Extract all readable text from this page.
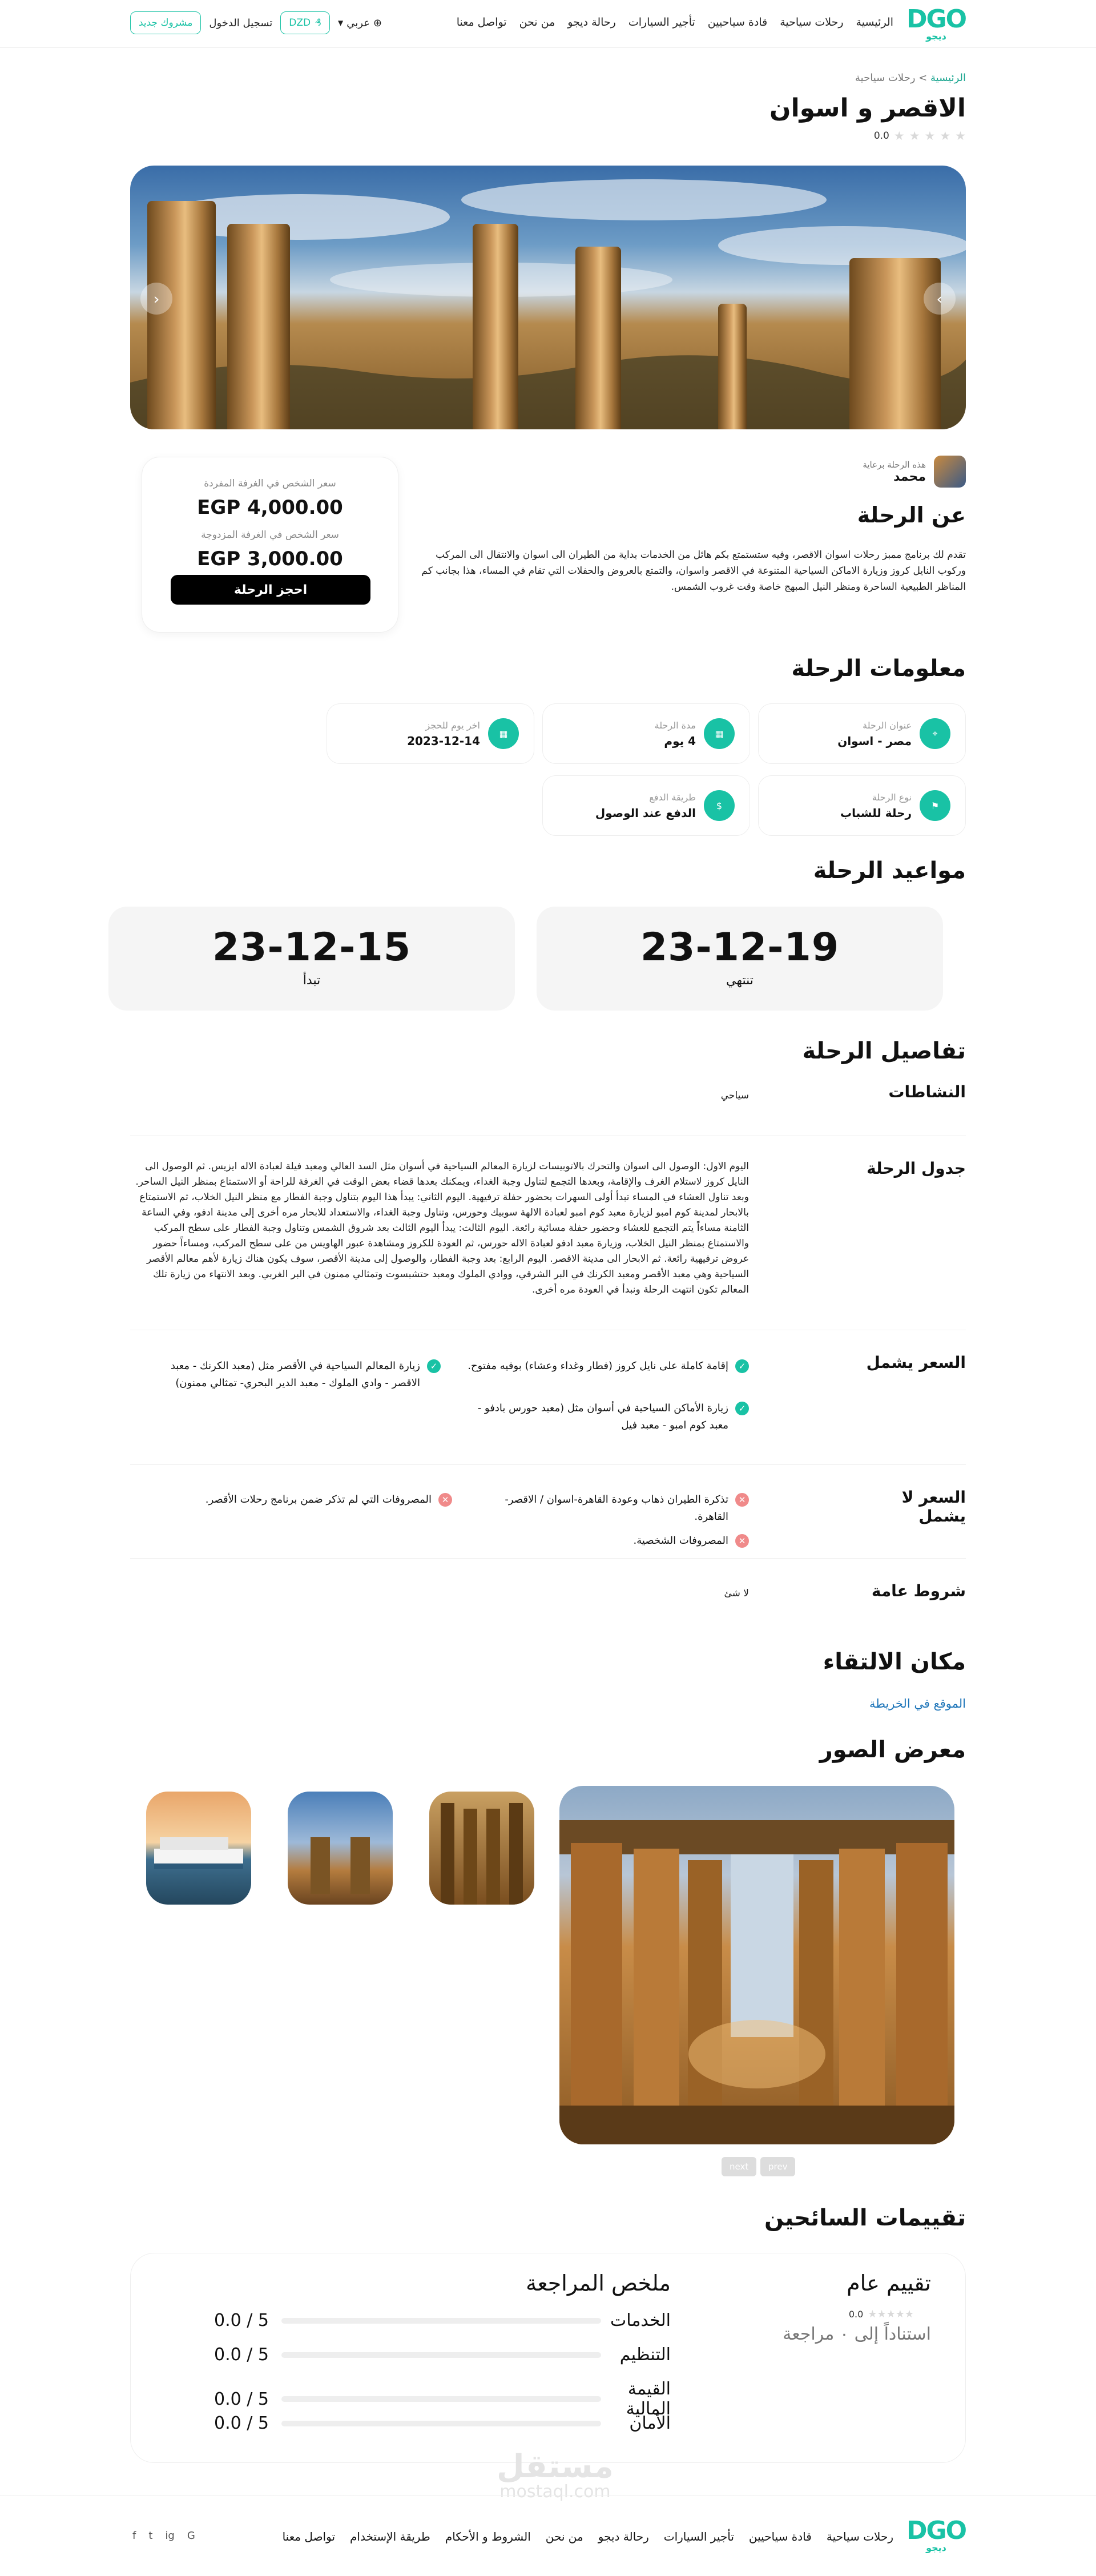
DGO
ديجو
الرئيسية
رحلات سياحية
قادة سياحيين
تأجير السيارات
رحالة ديجو
من نحن
تواصل معنا
مشروك جديد	تسجيل الدخول DZD ₰ ▼ عربي ⊕
الرئيسية > رحلات سياحية
الاقصر و اسوان
0.0 ★ ★ ★ ★ ★
‹	›
هذه الرحلة برعاية
محمد
عن الرحلة
تقدم لك برنامج ممبز رحلات اسوان الاقصر، وفيه ستستمتع بكم هائل من الخدمات بداية من الطيران الى اسوان والانتقال الى المركب وركوب النايل كروز وزيارة الاماكن السياحية المتنوعة في الاقصر واسوان، والتمتع بالعروض والحفلات التي تقام في المساء، هذا بجانب كم المناظر الطبيعية الساحرة ومنظر النيل المبهج خاصة وقت غروب الشمس.
سعر الشخص في الغرفة المفردة
EGP 4,000.00
سعر الشخص في الغرفة المزدوجة
EGP 3,000.00
احجز الرحلة
معلومات الرحلة
⌖
عنوان الرحلة
مصر - اسوان
▦
مدة الرحلة
4 يوم
▦
اخر يوم للحجز
2023-12-14
⚑
نوع الرحلة
رحلة للشباب
$
طريقة الدفع
الدفع عند الوصول
مواعيد الرحلة
23-12-19
تنتهي
23-12-15
تبدأ
تفاصيل الرحلة
النشاطات
سياحي
جدول الرحلة
اليوم الاول: الوصول الى اسوان والتحرك بالاتوبيسات لزيارة المعالم السياحية في أسوان مثل السد العالي ومعبد فيلة لعبادة الاله ايزيس. ثم الوصول الى النايل كروز لاستلام الغرف والإقامة، وبعدها التجمع لتناول وجبة الغداء، ويمكنك بعدها قضاء بعض الوقت في الغرفة للراحة أو الاستمتاع بمنظر النيل الساحر. وبعد تناول العشاء في المساء تبدأ أولى السهرات بحضور حفلة ترفيهية. اليوم الثاني: يبدأ هذا اليوم بتناول وجبة الفطار مع منظر النيل الخلاب، ثم الاستمتاع بالابحار لمدينة كوم امبو لزيارة معبد كوم امبو لعبادة الالهة سوبيك وحورس، وتناول وجبة الغداء، والاستعداد للابحار مره أخرى إلى مدينة ادفو، وفي الساعة الثامنة مساءاً يتم التجمع للعشاء وحضور حفلة مسائية رائعة. اليوم الثالث: يبدأ اليوم الثالث بعد شروق الشمس وتناول وجبة الفطار على سطح المركب والاستمتاع بمنظر النيل الخلاب، وزيارة معبد ادفو لعبادة الاله حورس، ثم العودة للكروز ومشاهدة عبور الهاويس من على سطح المركب، ومساءاً حضور عروض ترفيهية رائعة. ثم الابحار الى مدينة الاقصر. اليوم الرابع: بعد وجبة الفطار، والوصول إلى مدينة الأقصر، سوف يكون هناك زيارة لأهم معالم الأقصر السياحية وهي معبد الأقصر ومعبد الكرنك في البر الشرقي، ووادي الملوك ومعبد حتشبسوت وتمثالي ممنون في البر الغربي. وبعد الانتهاء من زيارة تلك المعالم تكون انتهت الرحلة ونبدأ في العودة مره أخرى.
السعر يشمل
✓
إقامة كاملة على نايل كروز (فطار وغداء وعشاء) بوفيه مفتوح.
✓
زيارة المعالم السياحية في الأقصر مثل (معبد الكرنك - معبد الاقصر - وادي الملوك - معبد الدير البحري- تمثالي ممنون)
✓
زيارة الأماكن السياحية في أسوان مثل (معبد حورس بادفو - معبد كوم امبو - معبد فيل
السعر لا يشمل
✕
تذكرة الطيران ذهاب وعودة القاهرة-اسوان / الاقصر-القاهرة.
✕
المصروفات التي لم تذكر ضمن برنامج رحلات الأقصر.
✕
المصروفات الشخصية.
شروط عامة
لا شئ
مكان الالتقاء
الموقع في الخريطة
معرض الصور
next	prev
تقييمات السائحين
تقييم عام
0.0 ★★★★★
استناداً إلى ٠ مراجعة
ملخص المراجعة
الخدمات
0.0 / 5
التنظيم
0.0 / 5
القيمة المالية
0.0 / 5
الأمان
0.0 / 5
مستقل
mostaql.com
DGO
ديجو
رحلات سياحية
قادة سياحيين
تأجير السيارات
رحالة ديجو
من نحن
الشروط و الأحكام
طريقة الإستخدام
تواصل معنا
G
ig
t
f
